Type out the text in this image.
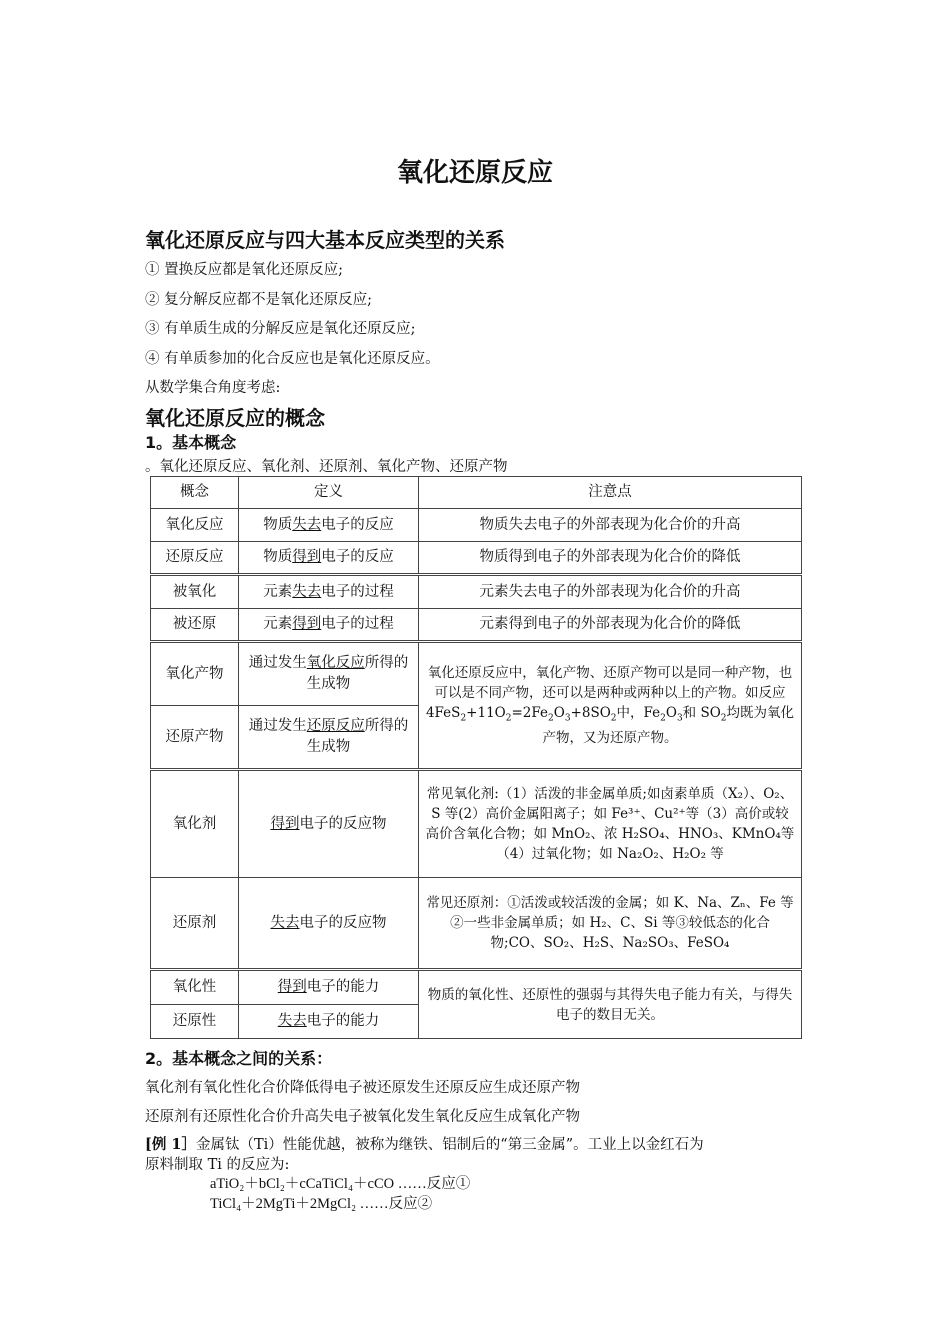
氧化还原反应
氧化还原反应与四大基本反应类型的关系
① 置换反应都是氧化还原反应;
② 复分解反应都不是氧化还原反应;
③ 有单质生成的分解反应是氧化还原反应;
④ 有单质参加的化合反应也是氧化还原反应。
从数学集合角度考虑:
氧化还原反应的概念
1。基本概念
。氧化还原反应、氧化剂、还原剂、氧化产物、还原产物
概念	定义	注意点
氧化反应	物质失去电子的反应	物质失去电子的外部表现为化合价的升高
还原反应	物质得到电子的反应	物质得到电子的外部表现为化合价的降低
被氧化	元素失去电子的过程	元素失去电子的外部表现为化合价的升高
被还原	元素得到电子的过程	元素得到电子的外部表现为化合价的降低
氧化产物	通过发生氧化反应所得的生成物	氧化还原反应中，氧化产物、还原产物可以是同一种产物，也可以是不同产物，还可以是两种或两种以上的产物。如反应 $4FeS_2+11O_2=2Fe_2O_3+8SO_2$中，$Fe_2O_3$和 $SO_2$均既为氧化产物，又为还原产物。
还原产物	通过发生还原反应所得的生成物	
氧化剂	得到电子的反应物	常见氧化剂:（1）活泼的非金属单质;如卤素单质（X₂）、O₂、S 等(2）高价金属阳离子；如 Fe³⁺、Cu²⁺等（3）高价或较高价含氧化合物；如 MnO₂、浓 H₂SO₄、HNO₃、KMnO₄等（4）过氧化物；如 Na₂O₂、H₂O₂ 等
还原剂	失去电子的反应物	常见还原剂：①活泼或较活泼的金属；如 K、Na、Zₙ、Fe 等②一些非金属单质；如 H₂、C、Si 等③较低态的化合物;CO、SO₂、H₂S、Na₂SO₃、FeSO₄
氧化性	得到电子的能力	物质的氧化性、还原性的强弱与其得失电子能力有关，与得失电子的数目无关。
还原性	失去电子的能力	
2。基本概念之间的关系：
氧化剂有氧化性化合价降低得电子被还原发生还原反应生成还原产物
还原剂有还原性化合价升高失电子被氧化发生氧化反应生成氧化产物
[例 1］金属钛（Ti）性能优越，被称为继铁、铝制后的“第三金属”。工业上以金红石为
原料制取 Ti 的反应为:
aTiO₂＋bCl₂＋cCaTiCl₄＋cCO ……反应①
TiCl₄＋2MgTi＋2MgCl₂ ……反应②
